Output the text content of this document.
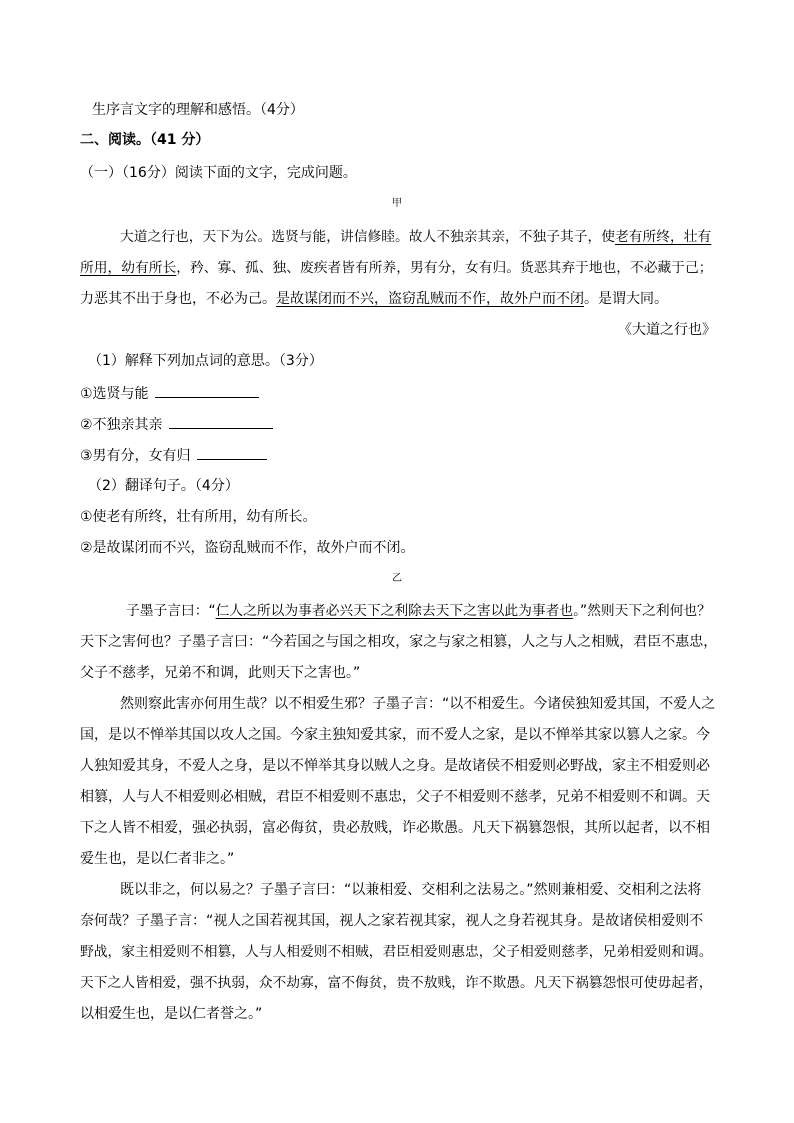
生序言文字的理解和感悟。（4分）
二、阅读。（41 分）
（一）（16分）阅读下面的文字，完成问题。
甲
大道之行也，天下为公。选贤与能，讲信修睦。故人不独亲其亲，不独子其子，使老有所终，壮有
所用，幼有所长，矜、寡、孤、独、废疾者皆有所养，男有分，女有归。货恶其弃于地也，不必藏于己；
力恶其不出于身也，不必为己。是故谋闭而不兴，盗窃乱贼而不作，故外户而不闭。是谓大同。
《大道之行也》
（1）解释下列加点词的意思。（3分）
①选贤与能
②不独亲其亲
③男有分，女有归
（2）翻译句子。（4分）
①使老有所终，壮有所用，幼有所长。
②是故谋闭而不兴，盗窃乱贼而不作，故外户而不闭。
乙
子墨子言曰：“仁人之所以为事者必兴天下之利除去天下之害以此为事者也。”然则天下之利何也？
天下之害何也？子墨子言曰：“今若国之与国之相攻，家之与家之相篡，人之与人之相贼，君臣不惠忠，
父子不慈孝，兄弟不和调，此则天下之害也。”
然则察此害亦何用生哉？以不相爱生邪？子墨子言：“以不相爱生。今诸侯独知爱其国，不爱人之
国，是以不惮举其国以攻人之国。今家主独知爱其家，而不爱人之家，是以不惮举其家以篡人之家。今
人独知爱其身，不爱人之身，是以不惮举其身以贼人之身。是故诸侯不相爱则必野战，家主不相爱则必
相篡，人与人不相爱则必相贼，君臣不相爱则不惠忠，父子不相爱则不慈孝，兄弟不相爱则不和调。天
下之人皆不相爱，强必执弱，富必侮贫，贵必敖贱，诈必欺愚。凡天下祸篡怨恨，其所以起者，以不相
爱生也，是以仁者非之。”
既以非之，何以易之？子墨子言曰：“以兼相爱、交相利之法易之。”然则兼相爱、交相利之法将
奈何哉？子墨子言：“视人之国若视其国，视人之家若视其家，视人之身若视其身。是故诸侯相爱则不
野战，家主相爱则不相篡，人与人相爱则不相贼，君臣相爱则惠忠，父子相爱则慈孝，兄弟相爱则和调。
天下之人皆相爱，强不执弱，众不劫寡，富不侮贫，贵不敖贱，诈不欺愚。凡天下祸篡怨恨可使毋起者，
以相爱生也，是以仁者誉之。”
